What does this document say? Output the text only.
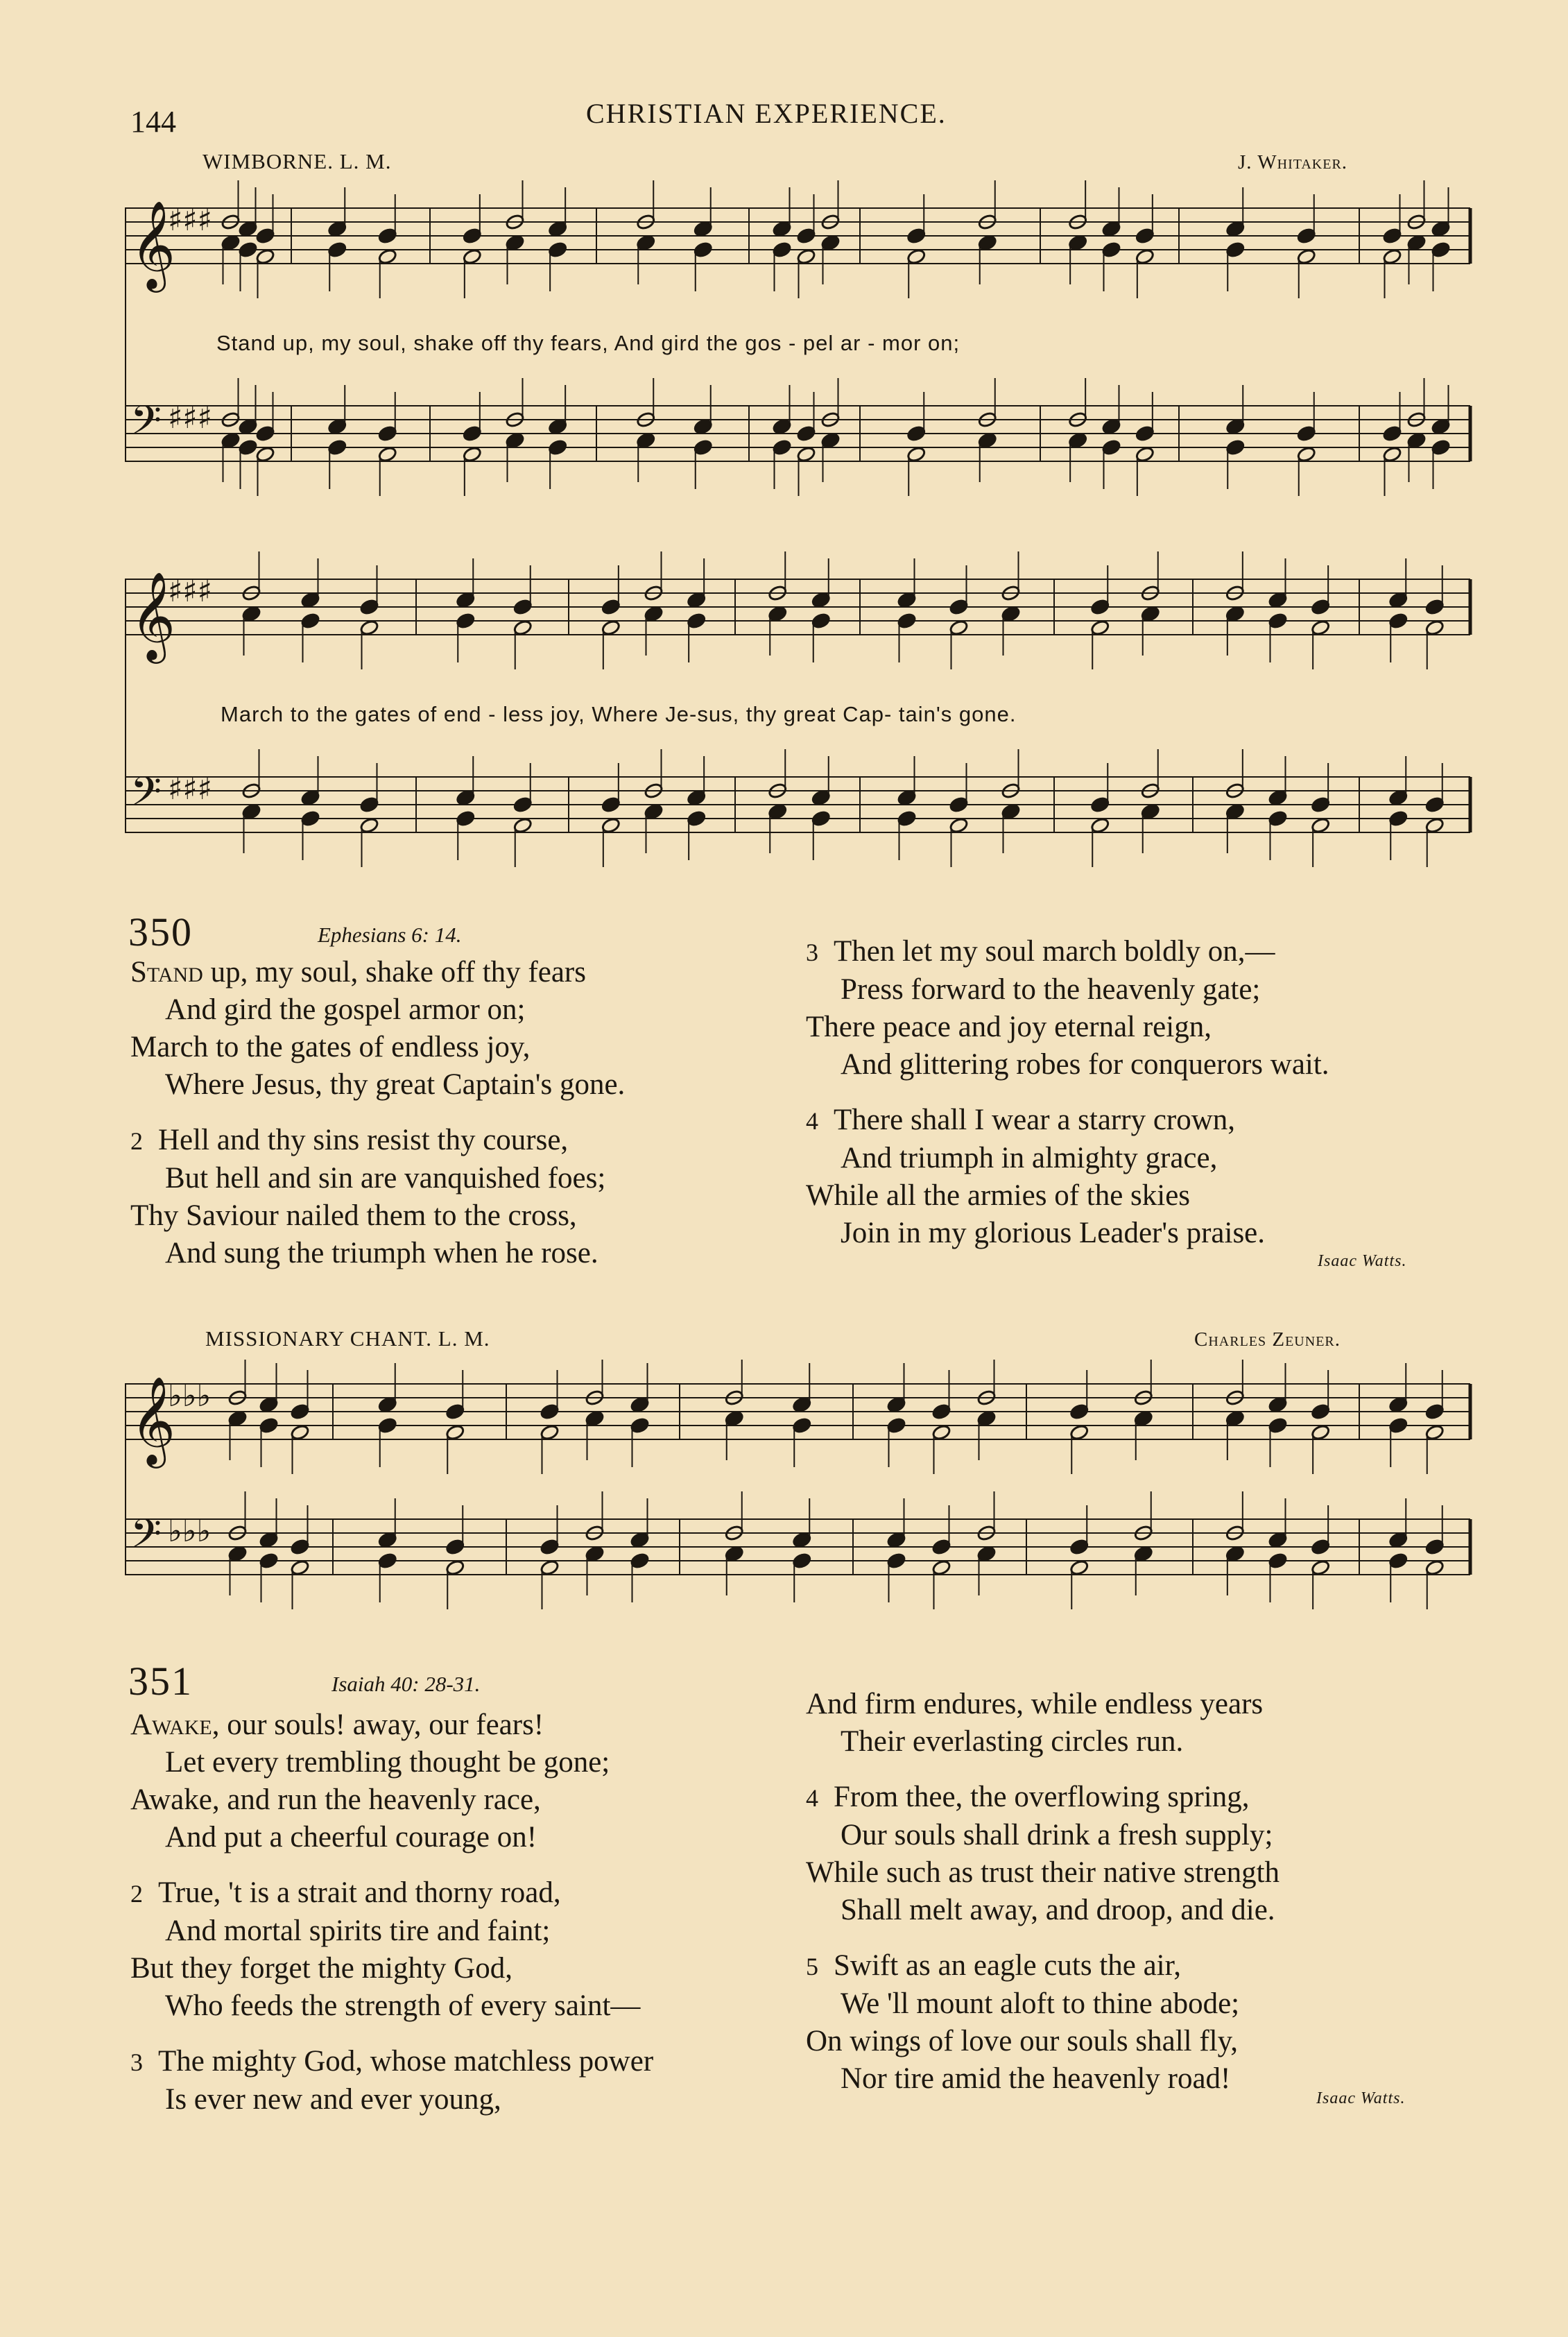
144	CHRISTIAN EXPERIENCE.
WIMBORNE. L. M.	J. Whitaker.
𝄞
♯♯♯
𝄢 ♯♯♯
Stand up, my soul, shake off thy fears, And gird the gos - pel ar - mor on;
𝄞
♯♯♯
𝄢 ♯♯♯
March to the gates of end - less joy, Where Je-sus, thy great Cap- tain's gone.
350	Ephesians 6: 14.

Stand up, my soul, shake off thy fears

And gird the gospel armor on;

March to the gates of endless joy,

Where Jesus, thy great Captain's gone.

2 Hell and thy sins resist thy course,

But hell and sin are vanquished foes;

Thy Saviour nailed them to the cross,

And sung the triumph when he rose.

3 Then let my soul march boldly on,—

Press forward to the heavenly gate;

There peace and joy eternal reign,

And glittering robes for conquerors wait.

4 There shall I wear a starry crown,

And triumph in almighty grace,

While all the armies of the skies

Join in my glorious Leader's praise.

Isaac Watts.
MISSIONARY CHANT. L. M.	Charles Zeuner.
𝄞
♭♭♭
𝄢 ♭♭♭
351	Isaiah 40: 28-31.

Awake, our souls! away, our fears!

Let every trembling thought be gone;

Awake, and run the heavenly race,

And put a cheerful courage on!

2 True, 't is a strait and thorny road,

And mortal spirits tire and faint;

But they forget the mighty God,

Who feeds the strength of every saint—

3 The mighty God, whose matchless power

Is ever new and ever young,

And firm endures, while endless years

Their everlasting circles run.

4 From thee, the overflowing spring,

Our souls shall drink a fresh supply;

While such as trust their native strength

Shall melt away, and droop, and die.

5 Swift as an eagle cuts the air,

We 'll mount aloft to thine abode;

On wings of love our souls shall fly,

Nor tire amid the heavenly road!

Isaac Watts.
